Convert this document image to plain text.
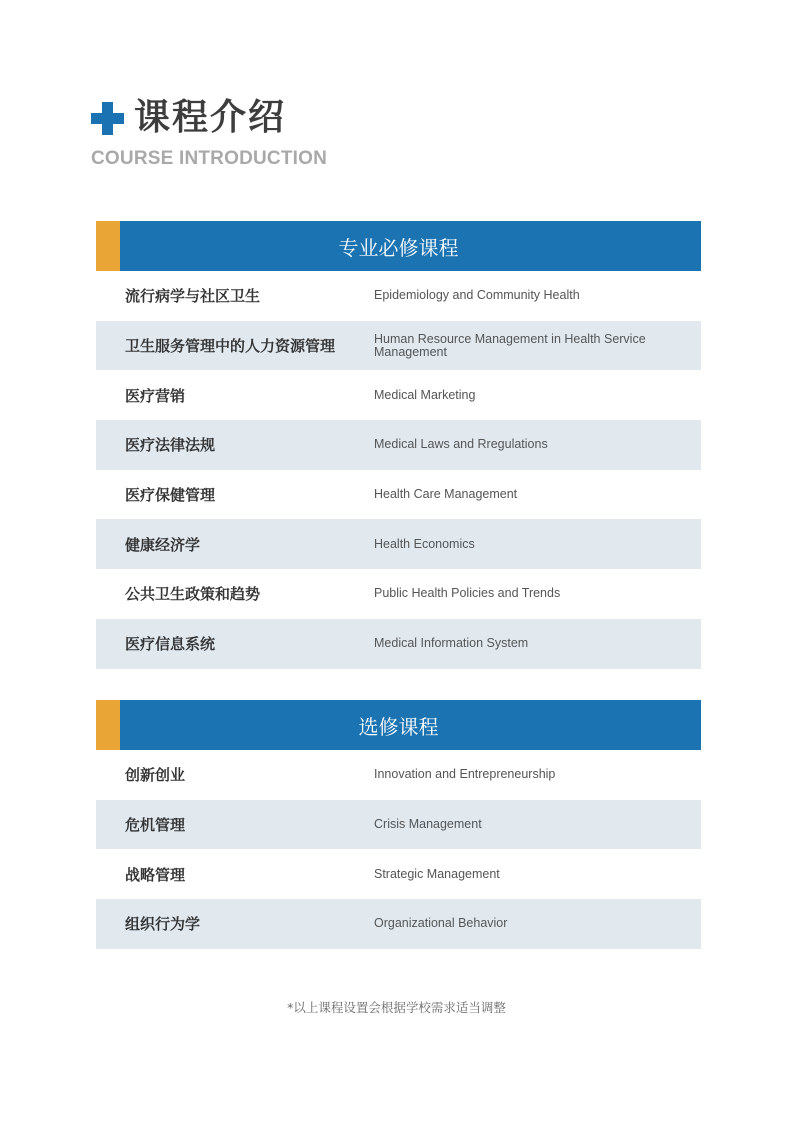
课程介绍
COURSE INTRODUCTION
专业必修课程
流行病学与社区卫生	Epidemiology and Community Health
卫生服务管理中的人力资源管理	Human Resource Management in Health Service Management
医疗营销	Medical Marketing
医疗法律法规	Medical Laws and Rregulations
医疗保健管理	Health Care Management
健康经济学	Health Economics
公共卫生政策和趋势	Public Health Policies and Trends
医疗信息系统	Medical Information System
选修课程
创新创业	Innovation and Entrepreneurship
危机管理	Crisis Management
战略管理	Strategic Management
组织行为学	Organizational Behavior
*以上课程设置会根据学校需求适当调整
